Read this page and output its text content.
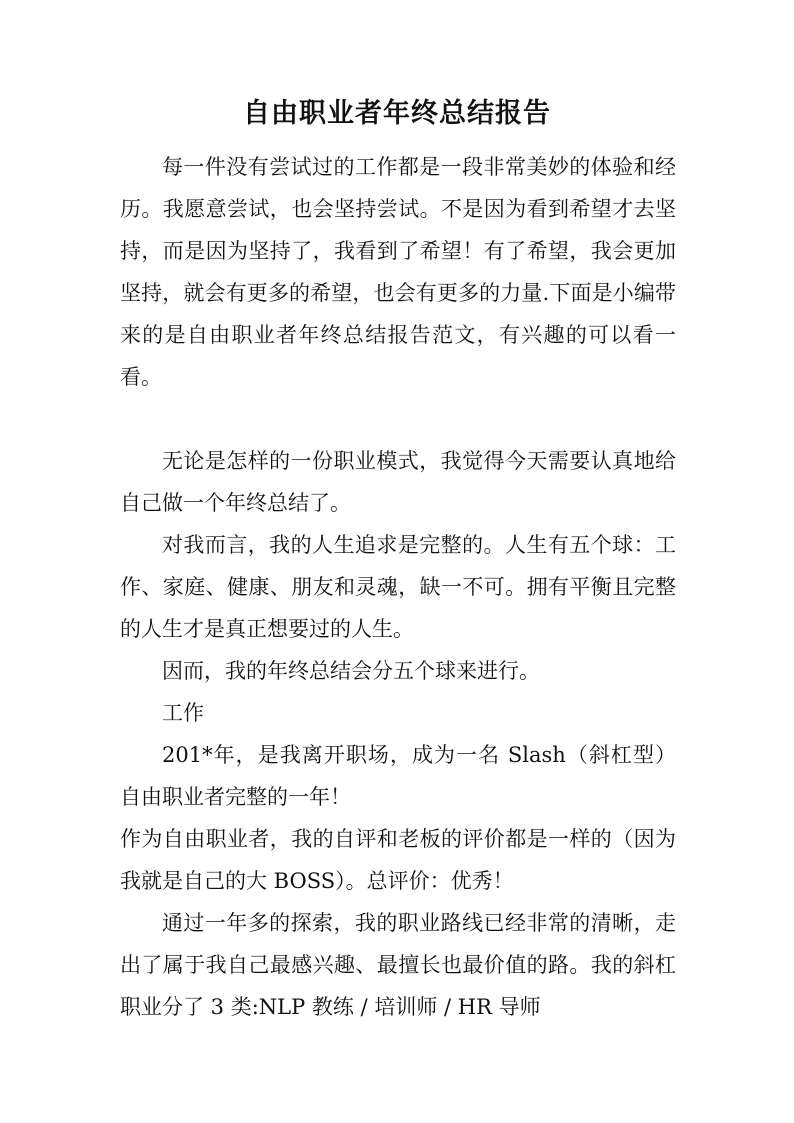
自由职业者年终总结报告

每一件没有尝试过的工作都是一段非常美妙的体验和经历。我愿意尝试，也会坚持尝试。不是因为看到希望才去坚持，而是因为坚持了，我看到了希望！有了希望，我会更加坚持，就会有更多的希望，也会有更多的力量.下面是小编带来的是自由职业者年终总结报告范文，有兴趣的可以看一看。

无论是怎样的一份职业模式，我觉得今天需要认真地给自己做一个年终总结了。

对我而言，我的人生追求是完整的。人生有五个球：工作、家庭、健康、朋友和灵魂，缺一不可。拥有平衡且完整的人生才是真正想要过的人生。

因而，我的年终总结会分五个球来进行。

工作

201*年，是我离开职场，成为一名 Slash（斜杠型）自由职业者完整的一年！

作为自由职业者，我的自评和老板的评价都是一样的（因为我就是自己的大 BOSS）。总评价：优秀！

通过一年多的探索，我的职业路线已经非常的清晰，走出了属于我自己最感兴趣、最擅长也最价值的路。我的斜杠职业分了 3 类:NLP 教练 / 培训师 / HR 导师
